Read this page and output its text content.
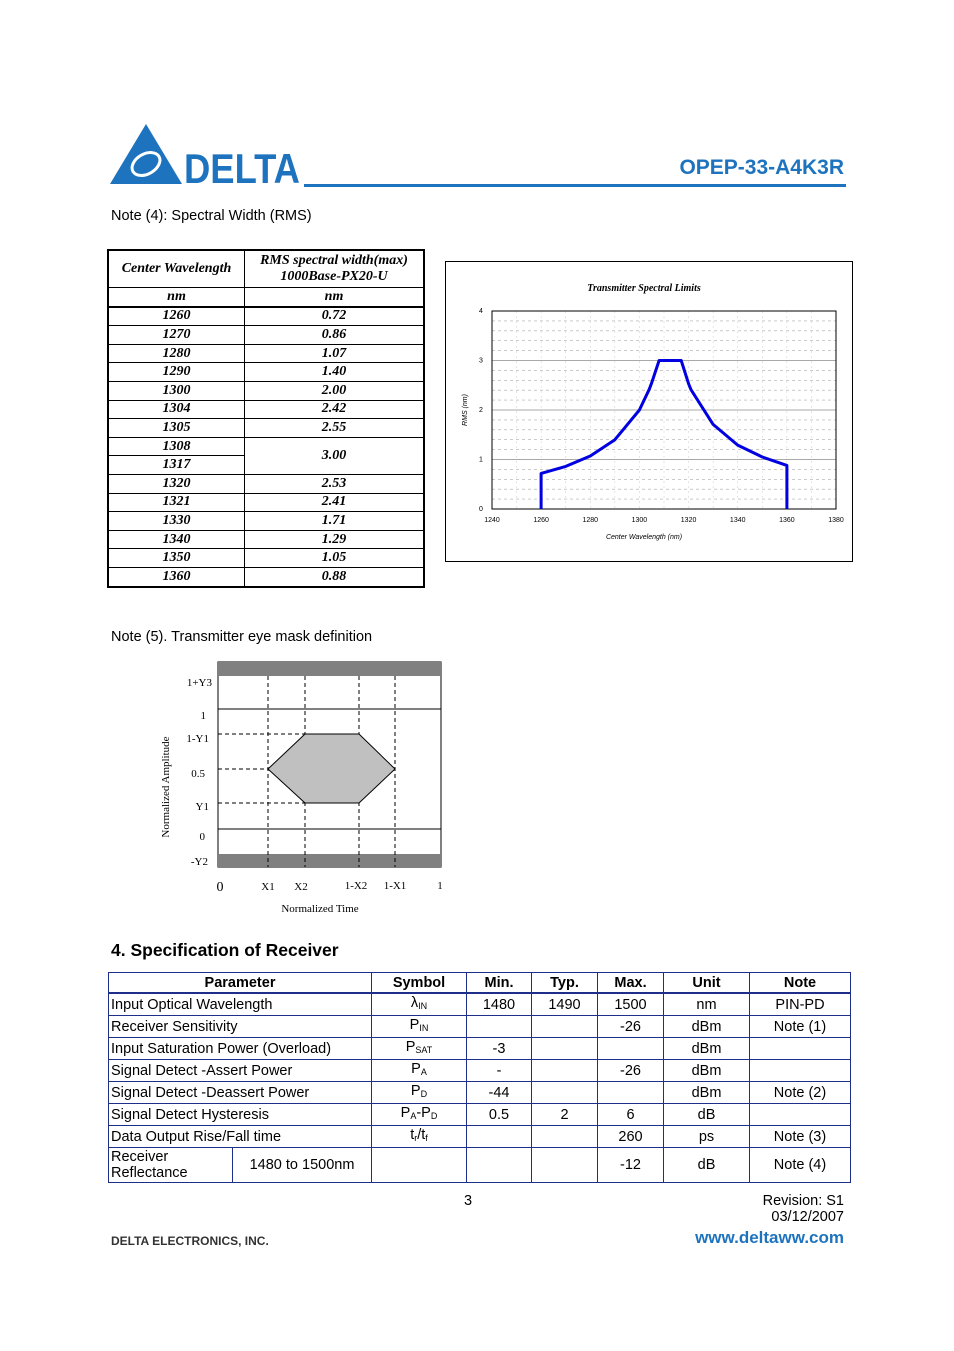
DELTA	OPEP-33-A4K3R
Note (4): Spectral Width (RMS)
Center Wavelength	RMS spectral width(max)
1000Base-PX20-U
nm	nm
1260	0.72
1270	0.86
1280	1.07
1290	1.40
1300	2.00
1304	2.42
1305	2.55
1308	3.00
1317	
1320	2.53
1321	2.41
1330	1.71
1340	1.29
1350	1.05
1360	0.88
1240	1260	1280	1300	1320	1340	1360	1380
0
1
2
3
4
Transmitter Spectral Limits
Center Wavelength (nm)
RMS (nm)
Note (5). Transmitter eye mask definition
1+Y3
1
1-Y1
0.5
Y1
0
-Y2
0	X1 X2	1-X2 1-X1	1
Normalized Time
Normalized Amplitude
4. Specification of Receiver
Parameter		Symbol	Min.	Typ.	Max.	Unit	Note
Input Optical Wavelength		$\lambda_{IN}$	1480	1490	1500	nm	PIN-PD
Receiver Sensitivity		$P_{IN}$			-26	dBm	Note (1)
Input Saturation Power (Overload)		$P_{SAT}$	-3			dBm	
Signal Detect -Assert Power		$P_A$	-		-26	dBm	
Signal Detect -Deassert Power		$P_D$	-44			dBm	Note (2)
Signal Detect Hysteresis		$P_A-P_D$	0.5	2	6	dB	
Data Output Rise/Fall time		$t_r/t_f$			260	ps	Note (3)
Receiver
Reflectance	1480 to 1500nm				-12	dB	Note (4)
3	Revision: S1
03/12/2007
DELTA ELECTRONICS, INC.	www.deltaww.com
